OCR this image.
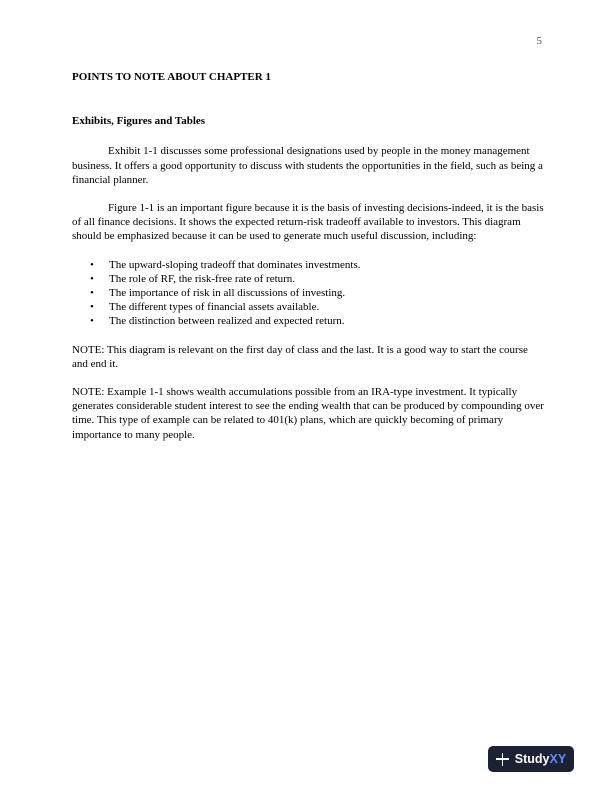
5

POINTS TO NOTE ABOUT CHAPTER 1

Exhibits, Figures and Tables

Exhibit 1-1 discusses some professional designations used by people in the money management business. It offers a good opportunity to discuss with students the opportunities in the field, such as being a financial planner.

Figure 1-1 is an important figure because it is the basis of investing decisions-indeed, it is the basis of all finance decisions. It shows the expected return-risk tradeoff available to investors. This diagram should be emphasized because it can be used to generate much useful discussion, including:

• The upward-sloping tradeoff that dominates investments.
• The role of RF, the risk-free rate of return.
• The importance of risk in all discussions of investing.
• The different types of financial assets available.
• The distinction between realized and expected return.

NOTE: This diagram is relevant on the first day of class and the last. It is a good way to start the course and end it.

NOTE: Example 1-1 shows wealth accumulations possible from an IRA-type investment. It typically generates considerable student interest to see the ending wealth that can be produced by compounding over time. This type of example can be related to 401(k) plans, which are quickly becoming of primary importance to many people.

Study XY
